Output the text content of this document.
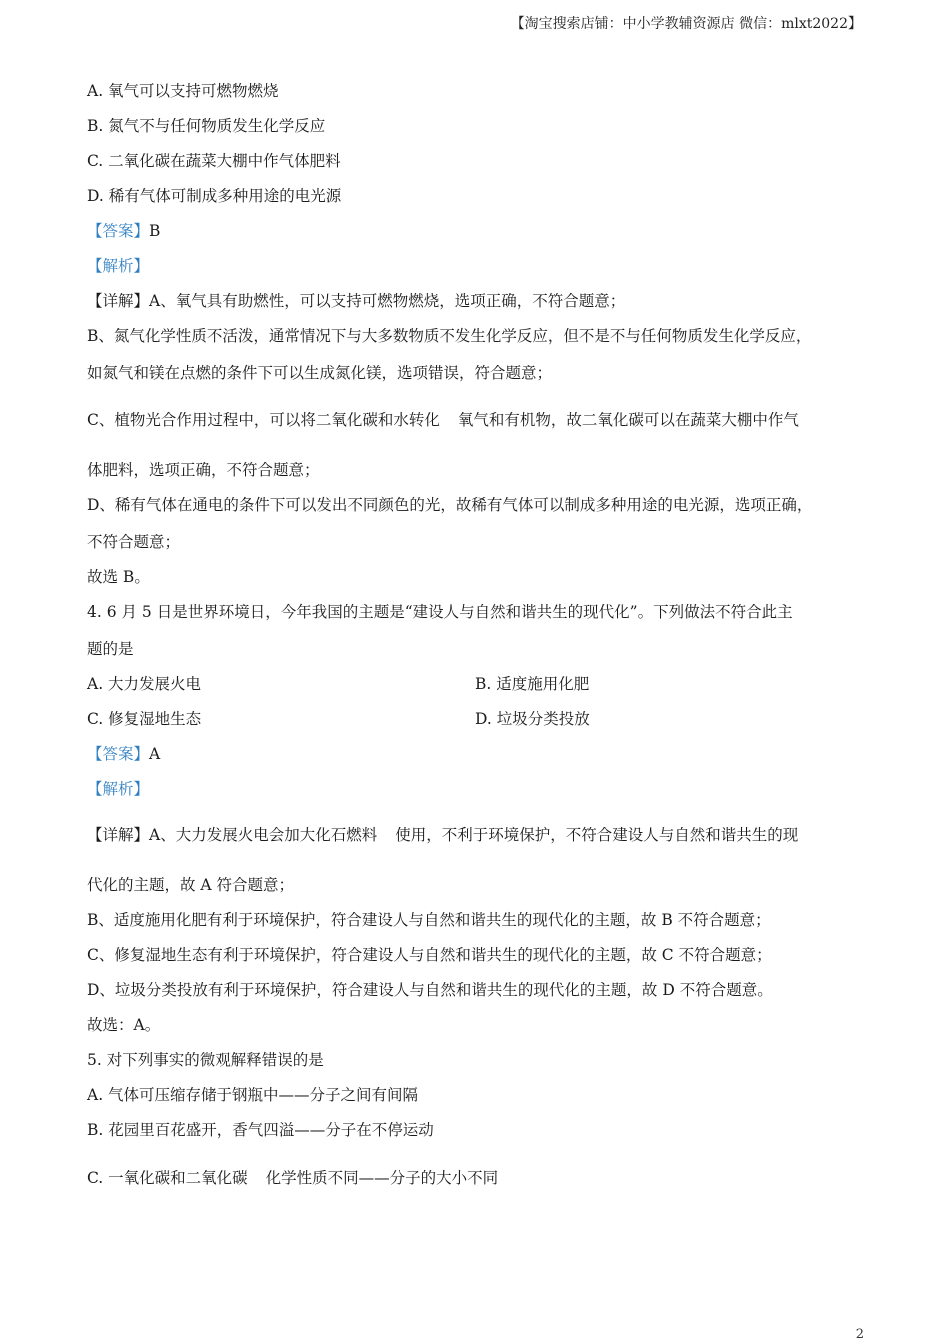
【淘宝搜索店铺：中小学教辅资源店 微信：mlxt2022】
A. 氧气可以支持可燃物燃烧
B. 氮气不与任何物质发生化学反应
C. 二氧化碳在蔬菜大棚中作气体肥料
D. 稀有气体可制成多种用途的电光源
【答案】B
【解析】
【详解】A、氧气具有助燃性，可以支持可燃物燃烧，选项正确，不符合题意；
B、氮气化学性质不活泼，通常情况下与大多数物质不发生化学反应，但不是不与任何物质发生化学反应，
如氮气和镁在点燃的条件下可以生成氮化镁，选项错误，符合题意；
C、植物光合作用过程中，可以将二氧化碳和水转化 氧气和有机物，故二氧化碳可以在蔬菜大棚中作气
体肥料，选项正确，不符合题意；
D、稀有气体在通电的条件下可以发出不同颜色的光，故稀有气体可以制成多种用途的电光源，选项正确，
不符合题意；
故选 B。
4. 6 月 5 日是世界环境日，今年我国的主题是“建设人与自然和谐共生的现代化”。下列做法不符合此主
题的是
A. 大力发展火电	B. 适度施用化肥
C. 修复湿地生态	D. 垃圾分类投放
【答案】A
【解析】
【详解】A、大力发展火电会加大化石燃料 使用，不利于环境保护，不符合建设人与自然和谐共生的现
代化的主题，故 A 符合题意；
B、适度施用化肥有利于环境保护，符合建设人与自然和谐共生的现代化的主题，故 B 不符合题意；
C、修复湿地生态有利于环境保护，符合建设人与自然和谐共生的现代化的主题，故 C 不符合题意；
D、垃圾分类投放有利于环境保护，符合建设人与自然和谐共生的现代化的主题，故 D 不符合题意。
故选：A。
5. 对下列事实的微观解释错误的是
A. 气体可压缩存储于钢瓶中——分子之间有间隔
B. 花园里百花盛开，香气四溢——分子在不停运动
C. 一氧化碳和二氧化碳 化学性质不同——分子的大小不同
2
